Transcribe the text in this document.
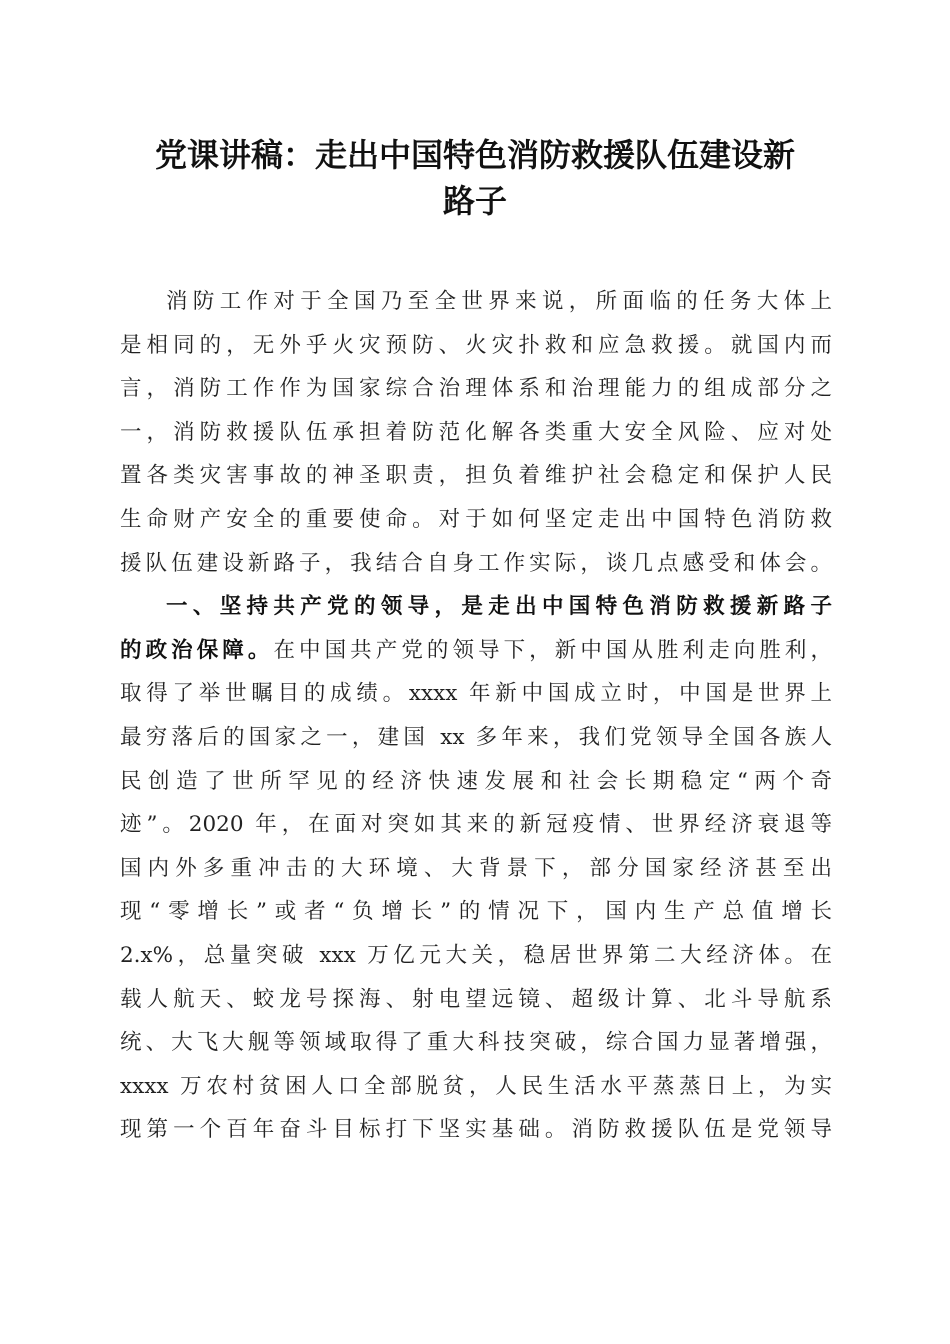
党课讲稿：走出中国特色消防救援队伍建设新
路子
消防工作对于全国乃至全世界来说，所面临的任务大体上
是相同的，无外乎火灾预防、火灾扑救和应急救援。就国内而
言，消防工作作为国家综合治理体系和治理能力的组成部分之
一，消防救援队伍承担着防范化解各类重大安全风险、应对处
置各类灾害事故的神圣职责，担负着维护社会稳定和保护人民
生命财产安全的重要使命。对于如何坚定走出中国特色消防救
援队伍建设新路子，我结合自身工作实际，谈几点感受和体会。
一、坚持共产党的领导，是走出中国特色消防救援新路子
的政治保障。在中国共产党的领导下，新中国从胜利走向胜利，
取得了举世瞩目的成绩。xxxx 年新中国成立时，中国是世界上
最穷落后的国家之一，建国 xx 多年来，我们党领导全国各族人
民创造了世所罕见的经济快速发展和社会长期稳定“两个奇
迹”。2020 年，在面对突如其来的新冠疫情、世界经济衰退等
国内外多重冲击的大环境、大背景下，部分国家经济甚至出
现“零增长”或者“负增长”的情况下，国内生产总值增长
2.x%，总量突破 xxx 万亿元大关，稳居世界第二大经济体。在
载人航天、蛟龙号探海、射电望远镜、超级计算、北斗导航系
统、大飞大舰等领域取得了重大科技突破，综合国力显著增强，
xxxx 万农村贫困人口全部脱贫，人民生活水平蒸蒸日上，为实
现第一个百年奋斗目标打下坚实基础。消防救援队伍是党领导
